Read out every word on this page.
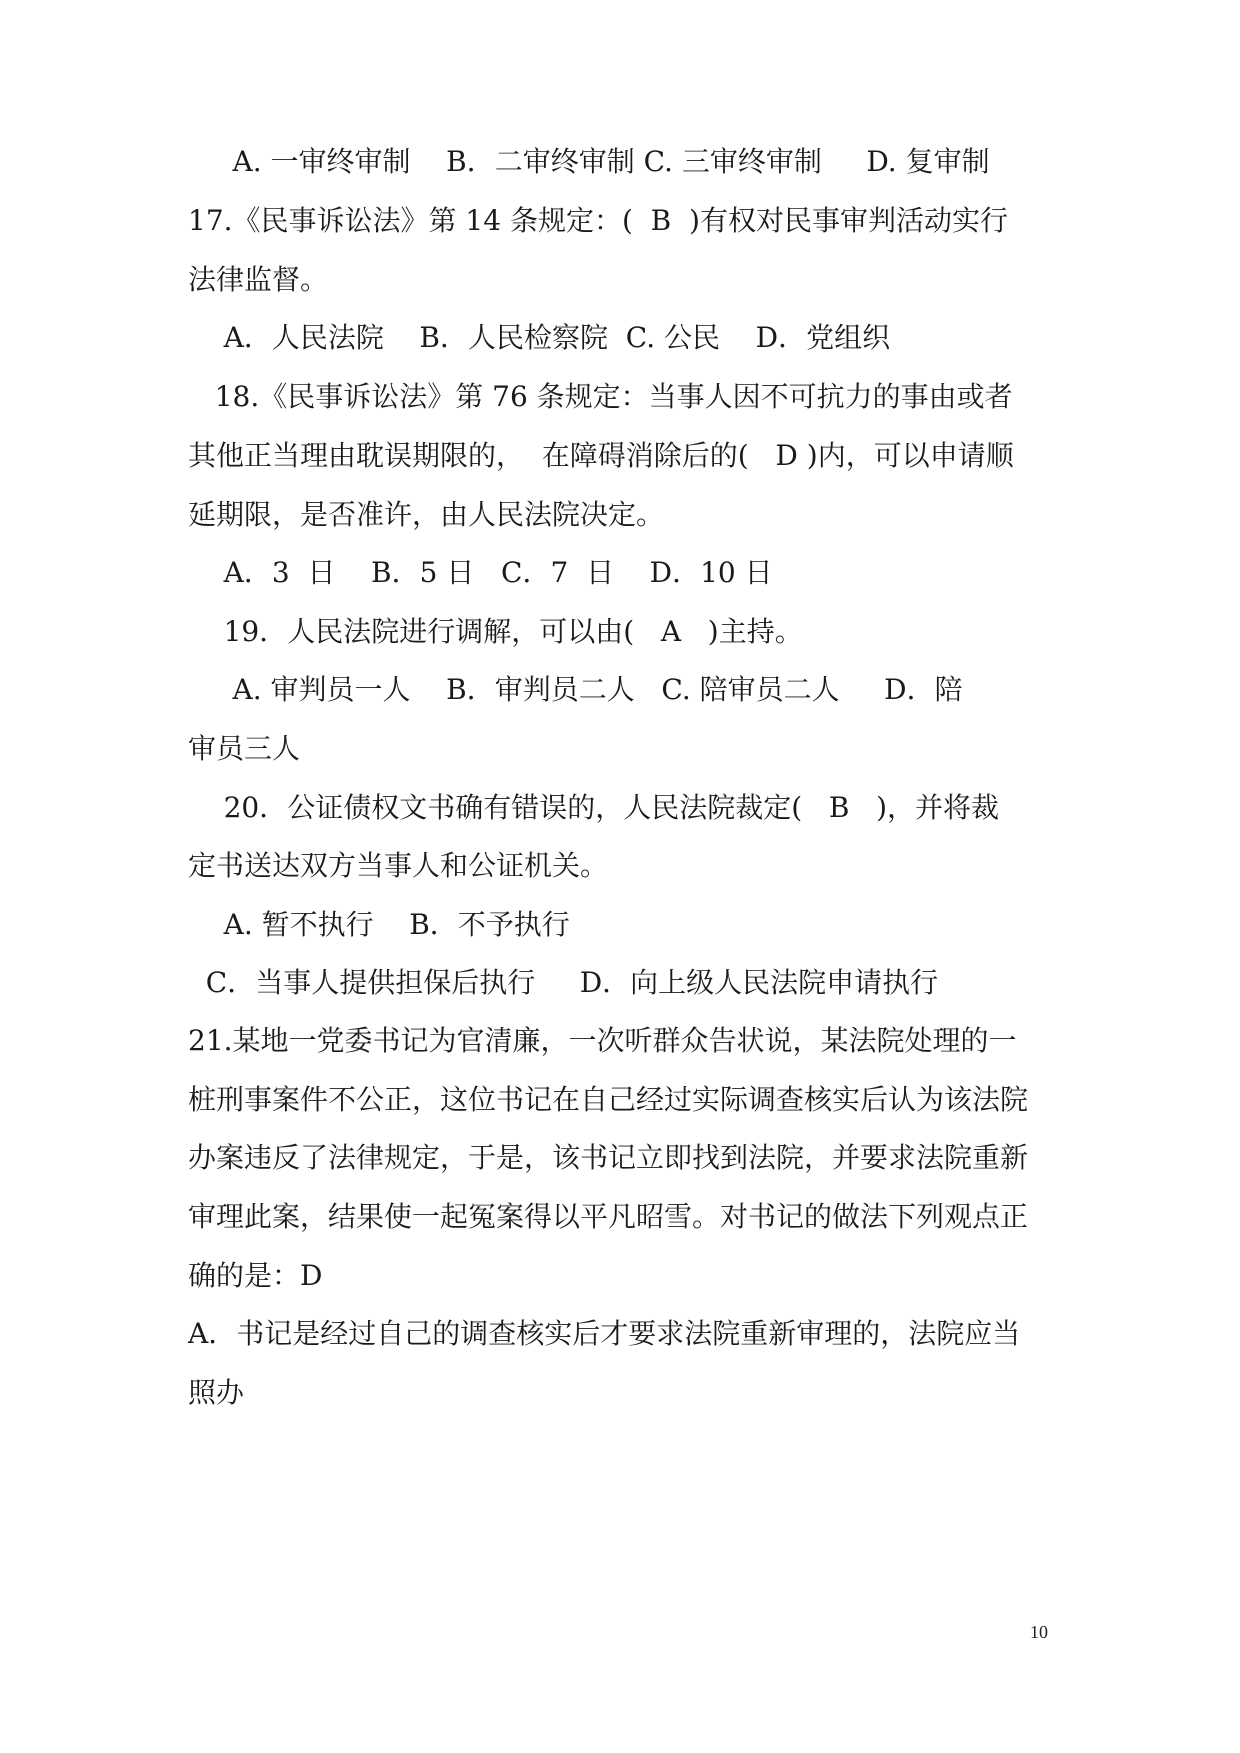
A. 一审终审制    B．二审终审制 C. 三审终审制     D. 复审制
17.《民事诉讼法》第 14 条规定：(  B  )有权对民事审判活动实行
法律监督。
A．人民法院    B．人民检察院  C. 公民    D．党组织
18.《民事诉讼法》第 76 条规定：当事人因不可抗力的事由或者
其他正当理由耽误期限的，  在障碍消除后的(   D )内，可以申请顺
延期限，是否准许，由人民法院决定。
A．3  日    B．5 日   C．7  日    D．10 日
19．人民法院进行调解，可以由(   A   )主持。
A. 审判员一人    B．审判员二人   C. 陪审员二人     D．陪
审员三人
20．公证债权文书确有错误的，人民法院裁定(   B   )，并将裁
定书送达双方当事人和公证机关。
A. 暂不执行    B．不予执行
C．当事人提供担保后执行     D．向上级人民法院申请执行
21.某地一党委书记为官清廉，一次听群众告状说，某法院处理的一
桩刑事案件不公正，这位书记在自己经过实际调查核实后认为该法院
办案违反了法律规定，于是，该书记立即找到法院，并要求法院重新
审理此案，结果使一起冤案得以平凡昭雪。对书记的做法下列观点正
确的是：D
A．书记是经过自己的调查核实后才要求法院重新审理的，法院应当
照办
10
